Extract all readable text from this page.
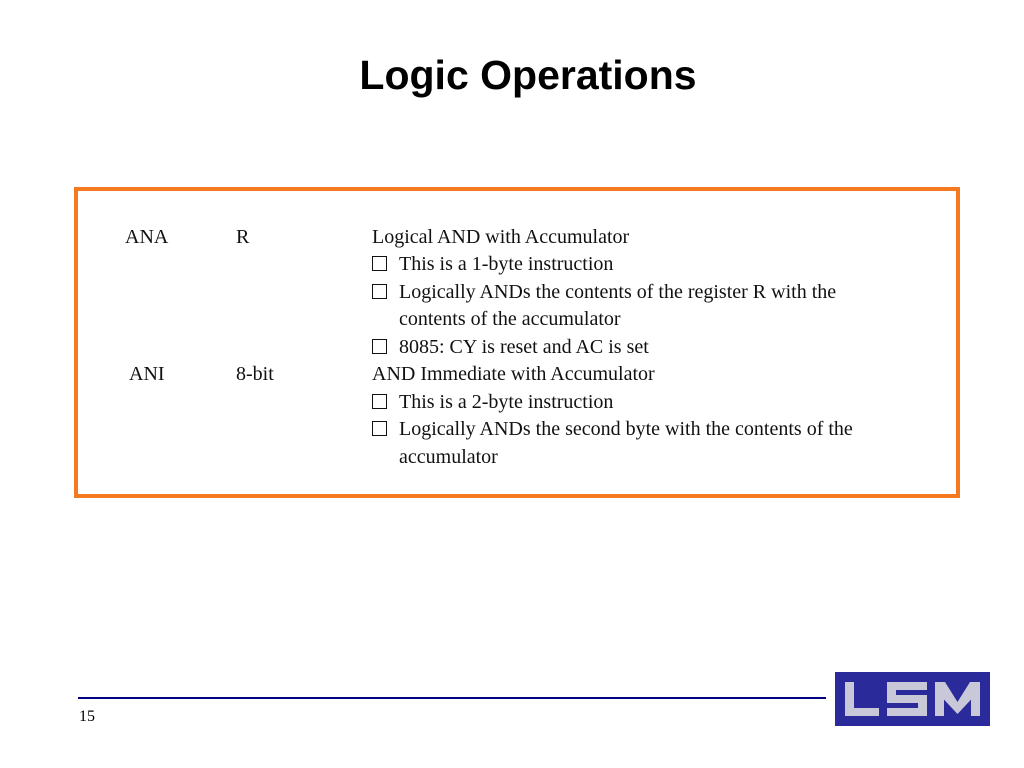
Logic Operations
ANA	R	Logical AND with Accumulator
This is a 1-byte instruction
Logically ANDs the contents of the register R with the
contents of the accumulator
8085: CY is reset and AC is set
ANI	8-bit	AND Immediate with Accumulator
This is a 2-byte instruction
Logically ANDs the second byte with the contents of the
accumulator
15
